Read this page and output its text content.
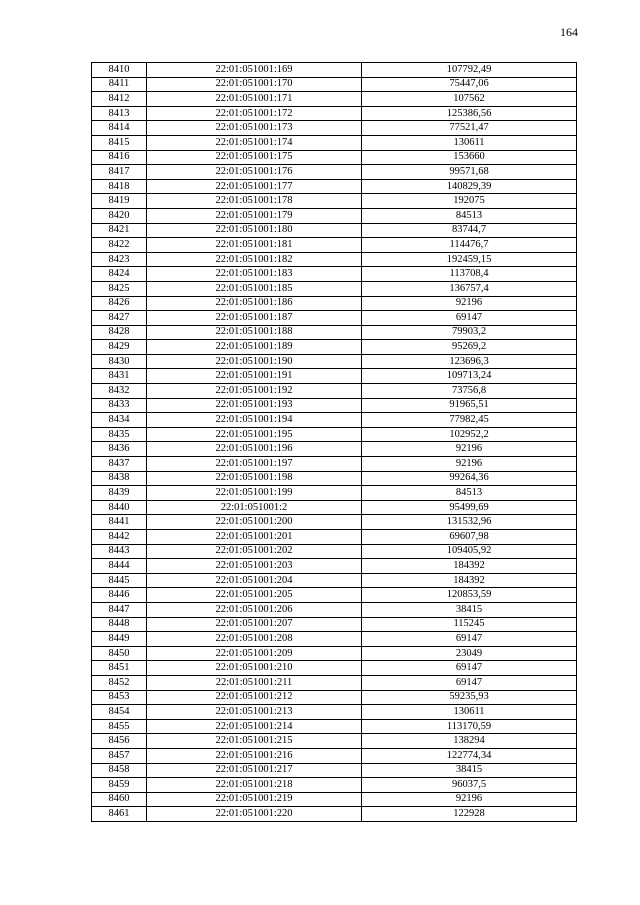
164
8410	22:01:051001:169	107792,49
8411	22:01:051001:170	75447,06
8412	22:01:051001:171	107562
8413	22:01:051001:172	125386,56
8414	22:01:051001:173	77521,47
8415	22:01:051001:174	130611
8416	22:01:051001:175	153660
8417	22:01:051001:176	99571,68
8418	22:01:051001:177	140829,39
8419	22:01:051001:178	192075
8420	22:01:051001:179	84513
8421	22:01:051001:180	83744,7
8422	22:01:051001:181	114476,7
8423	22:01:051001:182	192459,15
8424	22:01:051001:183	113708,4
8425	22:01:051001:185	136757,4
8426	22:01:051001:186	92196
8427	22:01:051001:187	69147
8428	22:01:051001:188	79903,2
8429	22:01:051001:189	95269,2
8430	22:01:051001:190	123696,3
8431	22:01:051001:191	109713,24
8432	22:01:051001:192	73756,8
8433	22:01:051001:193	91965,51
8434	22:01:051001:194	77982,45
8435	22:01:051001:195	102952,2
8436	22:01:051001:196	92196
8437	22:01:051001:197	92196
8438	22:01:051001:198	99264,36
8439	22:01:051001:199	84513
8440	22:01:051001:2	95499,69
8441	22:01:051001:200	131532,96
8442	22:01:051001:201	69607,98
8443	22:01:051001:202	109405,92
8444	22:01:051001:203	184392
8445	22:01:051001:204	184392
8446	22:01:051001:205	120853,59
8447	22:01:051001:206	38415
8448	22:01:051001:207	115245
8449	22:01:051001:208	69147
8450	22:01:051001:209	23049
8451	22:01:051001:210	69147
8452	22:01:051001:211	69147
8453	22:01:051001:212	59235,93
8454	22:01:051001:213	130611
8455	22:01:051001:214	113170,59
8456	22:01:051001:215	138294
8457	22:01:051001:216	122774,34
8458	22:01:051001:217	38415
8459	22:01:051001:218	96037,5
8460	22:01:051001:219	92196
8461	22:01:051001:220	122928
